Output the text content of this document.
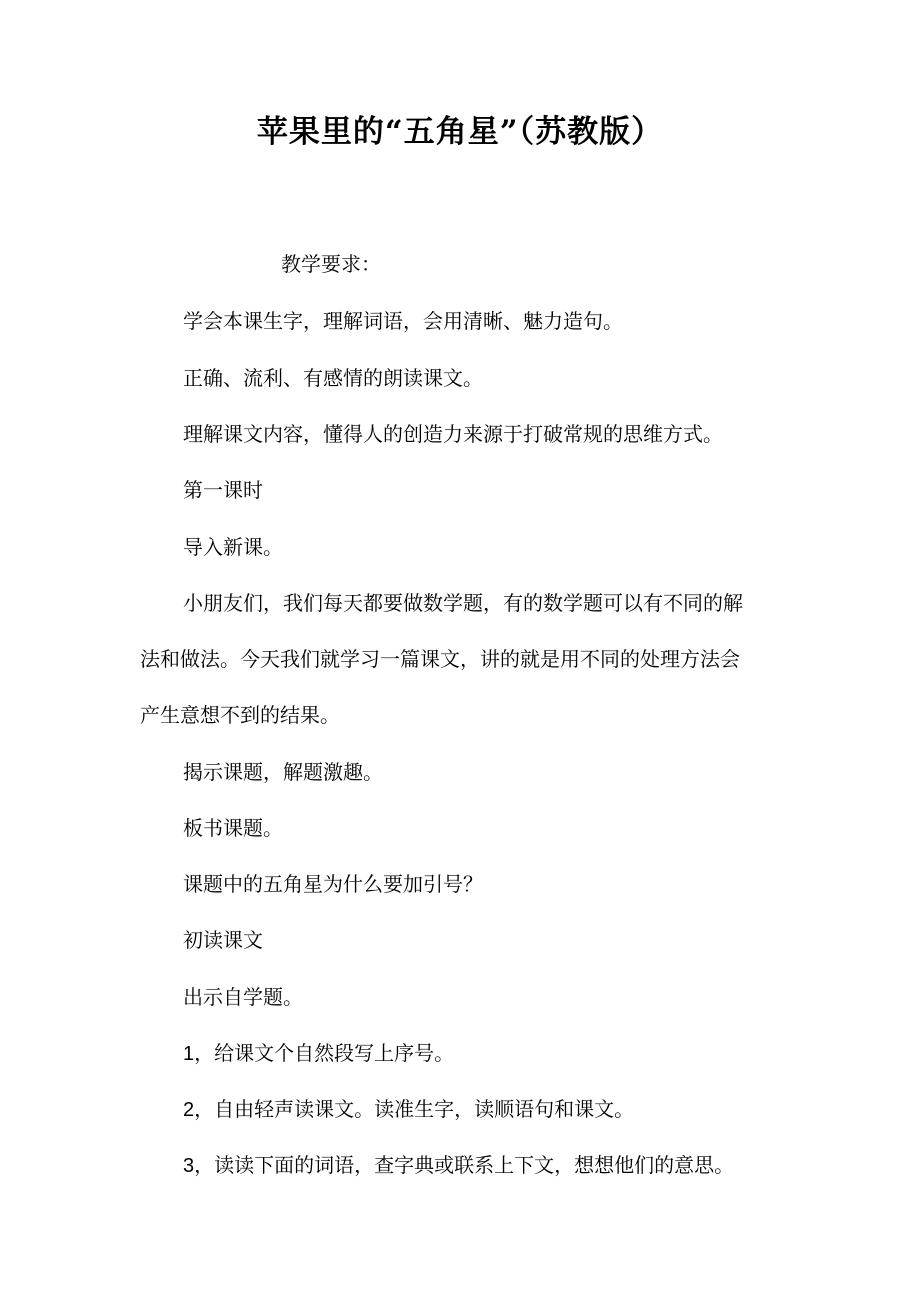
苹果里的“五角星”（苏教版）
教学要求：
学会本课生字，理解词语，会用清晰、魅力造句。
正确、流利、有感情的朗读课文。
理解课文内容，懂得人的创造力来源于打破常规的思维方式。
第一课时
导入新课。
小朋友们，我们每天都要做数学题，有的数学题可以有不同的解
法和做法。今天我们就学习一篇课文，讲的就是用不同的处理方法会
产生意想不到的结果。
揭示课题，解题激趣。
板书课题。
课题中的五角星为什么要加引号？
初读课文
出示自学题。
1，给课文个自然段写上序号。
2，自由轻声读课文。读准生字，读顺语句和课文。
3，读读下面的词语，查字典或联系上下文，想想他们的意思。
